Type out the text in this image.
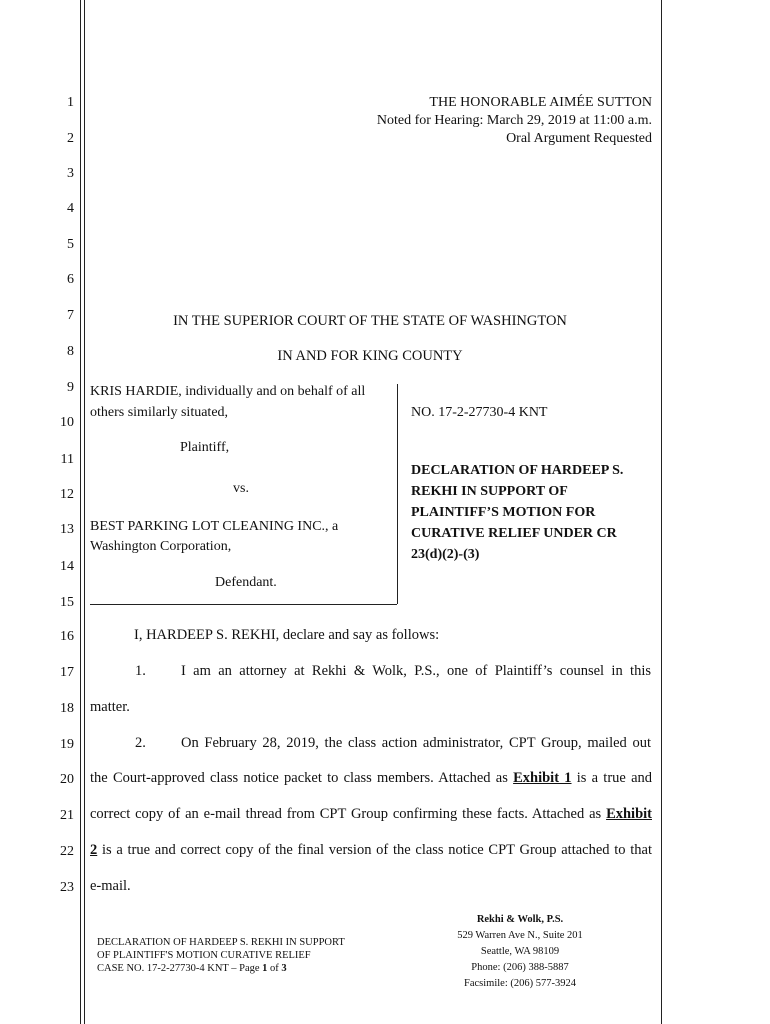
1
2
3
4
5
6
7
8
9
10
11
12
13
14
15
16
17
18
19
20
21
22
23
THE HONORABLE AIMÉE SUTTON
Noted for Hearing: March 29, 2019 at 11:00 a.m.
Oral Argument Requested
IN THE SUPERIOR COURT OF THE STATE OF WASHINGTON
IN AND FOR KING COUNTY
KRIS HARDIE, individually and on behalf of all
others similarly situated,
Plaintiff,
vs.
BEST PARKING LOT CLEANING INC., a
Washington Corporation,
Defendant.
NO. 17-2-27730-4 KNT
DECLARATION OF HARDEEP S. REKHI IN SUPPORT OF PLAINTIFF’S MOTION FOR CURATIVE RELIEF UNDER CR 23(d)(2)-(3)
I, HARDEEP S. REKHI, declare and say as follows:
1. I am an attorney at Rekhi & Wolk, P.S., one of Plaintiff’s counsel in this
matter.
2. On February 28, 2019, the class action administrator, CPT Group, mailed out
the Court-approved class notice packet to class members. Attached as Exhibit 1 is a true and
correct copy of an e-mail thread from CPT Group confirming these facts. Attached as Exhibit
2 is a true and correct copy of the final version of the class notice CPT Group attached to that
e-mail.
DECLARATION OF HARDEEP S. REKHI IN SUPPORT
OF PLAINTIFF'S MOTION CURATIVE RELIEF
CASE NO. 17-2-27730-4 KNT – Page 1 of 3
Rekhi & Wolk, P.S.
529 Warren Ave N., Suite 201
Seattle, WA 98109
Phone: (206) 388-5887
Facsimile: (206) 577-3924
